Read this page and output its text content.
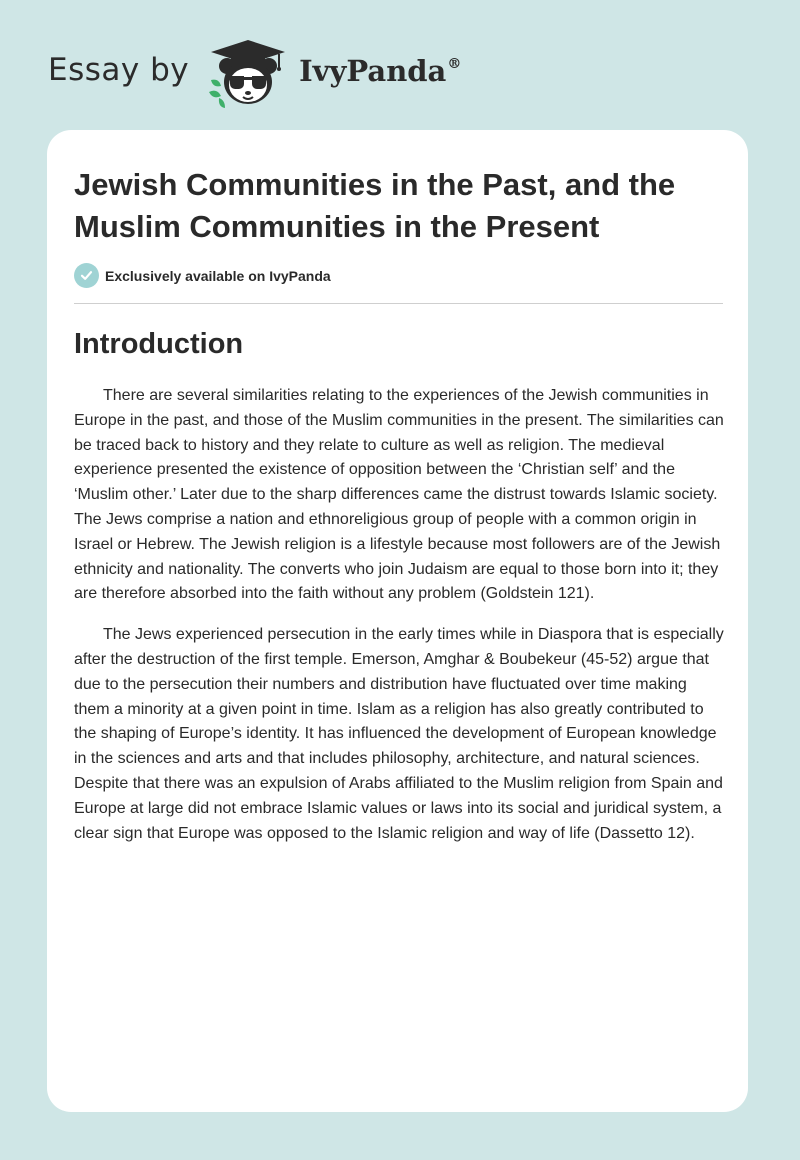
Essay by	IvyPanda®
Jewish Communities in the Past, and the Muslim Communities in the Present
Exclusively available on IvyPanda
Introduction

There are several similarities relating to the experiences of the Jewish communities in Europe in the past, and those of the Muslim communities in the present. The similarities can be traced back to history and they relate to culture as well as religion. The medieval experience presented the existence of opposition between the ‘Christian self’ and the ‘Muslim other.’ Later due to the sharp differences came the distrust towards Islamic society. The Jews comprise a nation and ethnoreligious group of people with a common origin in Israel or Hebrew. The Jewish religion is a lifestyle because most followers are of the Jewish ethnicity and nationality. The converts who join Judaism are equal to those born into it; they are therefore absorbed into the faith without any problem (Goldstein 121).

The Jews experienced persecution in the early times while in Diaspora that is especially after the destruction of the first temple. Emerson, Amghar & Boubekeur (45-52) argue that due to the persecution their numbers and distribution have fluctuated over time making them a minority at a given point in time. Islam as a religion has also greatly contributed to the shaping of Europe’s identity. It has influenced the development of European knowledge in the sciences and arts and that includes philosophy, architecture, and natural sciences. Despite that there was an expulsion of Arabs affiliated to the Muslim religion from Spain and Europe at large did not embrace Islamic values or laws into its social and juridical system, a clear sign that Europe was opposed to the Islamic religion and way of life (Dassetto 12).
